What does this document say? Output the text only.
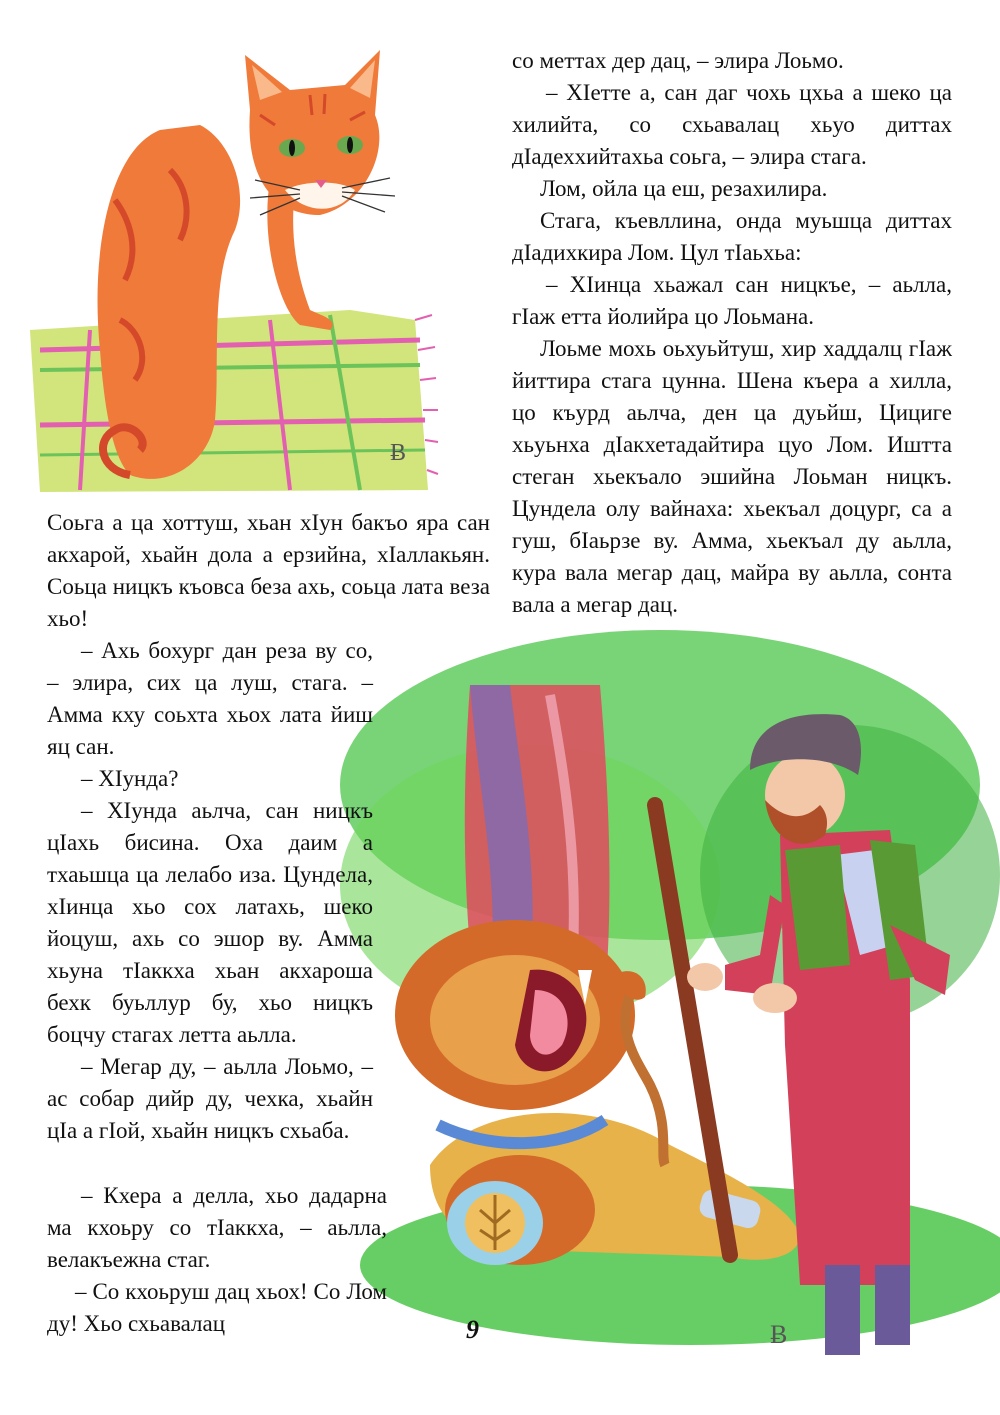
Ƀ
Ƀ

со меттах дер дац, – элира Лоьмо.

– ХIетте а, сан даг чохь цхьа а шеко ца хилийта, со схьавалац хьуо диттах дIадеххийтахьа соьга, – элира стага.

Лом, ойла ца еш, резахилира.

Стага, къевллина, онда муьшца диттах дIадихкира Лом. Цул тIаьхьа:

– ХIинца хьажал сан ницкъе, – аьлла, гIаж етта йолийра цо Лоьмана.

Лоьме мохь оьхуьйтуш, хир хаддалц гIаж йиттира стага цунна. Шена къера а хилла, цо къурд аьлча, ден ца дуьйш, Цициге хьуьнха дIакхетадайтира цуо Лом. Иштта стеган хьекъало эшийна Лоьман ницкъ. Цундела олу вайнаха: хьекъал доцург, са а гуш, бIаьрзе ву. Амма, хьекъал ду аьлла, кура вала мегар дац, майра ву аьлла, сонта вала а мегар дац.

Соьга а ца хоттуш, хьан хIун бакъо яра сан акхарой, хьайн дола а ерзийна, хIаллакьян. Соьца ницкъ къовса беза ахь, соьца лата веза хьо!

– Ахь бохург дан реза ву со, – элира, сих ца луш, стага. – Амма кху соьхта хьох лата йиш яц сан.

– ХIунда?

– ХIунда аьлча, сан ницкъ цIахь бисина. Оха даим а тхаьшца ца лелабо иза. Цундела, хIинца хьо сох латахь, шеко йоцуш, ахь со эшор ву. Амма хьуна тIаккха хьан акхароша бехк буьллур бу, хьо ницкъ боцчу стагах летта аьлла.

– Мегар ду, – аьлла Лоьмо, – ас собар дийр ду, чехка, хьайн цIа а гIой, хьайн ницкъ схьаба.

– Кхера а делла, хьо дадарна ма кхоьру со тIаккха, – аьлла, велакъежна стаг.

– Со кхоьруш дац хьох! Со Лом ду! Хьо схьавалац	9
